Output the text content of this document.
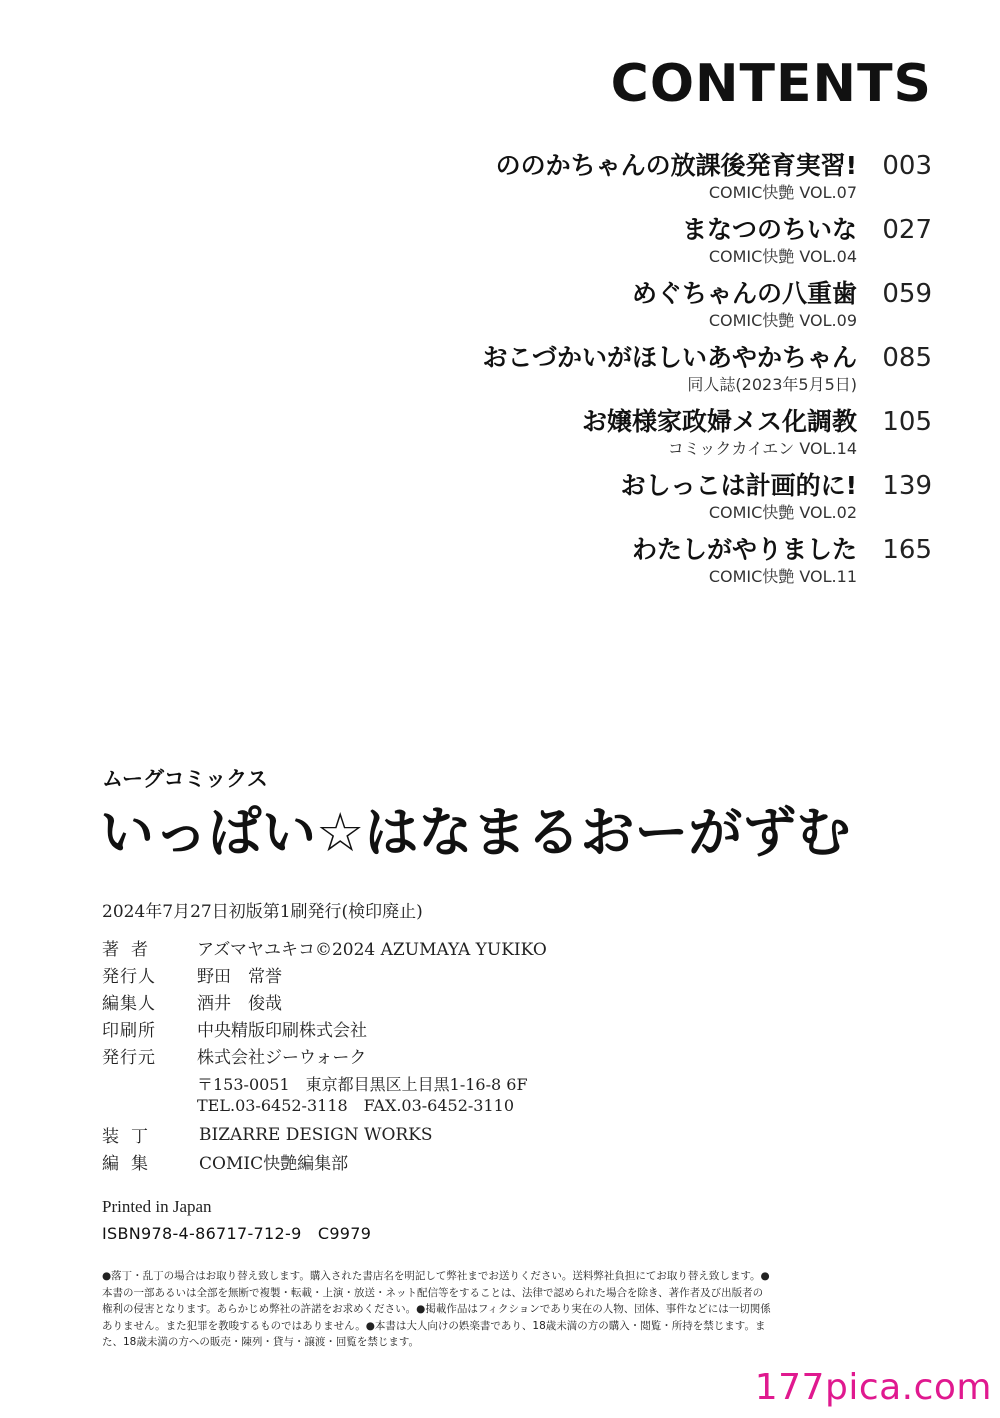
CONTENTS
ののかちゃんの放課後発育実習! 003
COMIC快艶 VOL.07
まなつのちいな 027
COMIC快艶 VOL.04
めぐちゃんの八重歯 059
COMIC快艶 VOL.09
おこづかいがほしいあやかちゃん 085
同人誌(2023年5月5日)
お嬢様家政婦メス化調教 105
コミックカイエン VOL.14
おしっこは計画的に! 139
COMIC快艶 VOL.02
わたしがやりました 165
COMIC快艶 VOL.11
ムーグコミックス
いっぱい☆はなまるおーがずむ
2024年7月27日初版第1刷発行(検印廃止)
著者	アズマヤユキコ©2024 AZUMAYA YUKIKO
発行人	野田　常誉
編集人	酒井　俊哉
印刷所	中央精版印刷株式会社
発行元	株式会社ジーウォーク
〒153-0051　東京都目黒区上目黒1-16-8 6F
TEL.03-6452-3118　FAX.03-6452-3110
装丁	BIZARRE DESIGN WORKS
編集	COMIC快艶編集部
Printed in Japan
ISBN978-4-86717-712-9　C9979

●落丁・乱丁の場合はお取り替え致します。購入された書店名を明記して弊社までお送りください。送料弊社負担にてお取り替え致します。●本書の一部あるいは全部を無断で複製・転載・上演・放送・ネット配信等をすることは、法律で認められた場合を除き、著作者及び出版者の権利の侵害となります。あらかじめ弊社の許諾をお求めください。●掲載作品はフィクションであり実在の人物、団体、事件などには一切関係ありません。また犯罪を教唆するものではありません。●本書は大人向けの娯楽書であり、18歳未満の方の購入・閲覧・所持を禁じます。また、18歳未満の方への販売・陳列・貸与・譲渡・回覧を禁じます。

177pica.com
